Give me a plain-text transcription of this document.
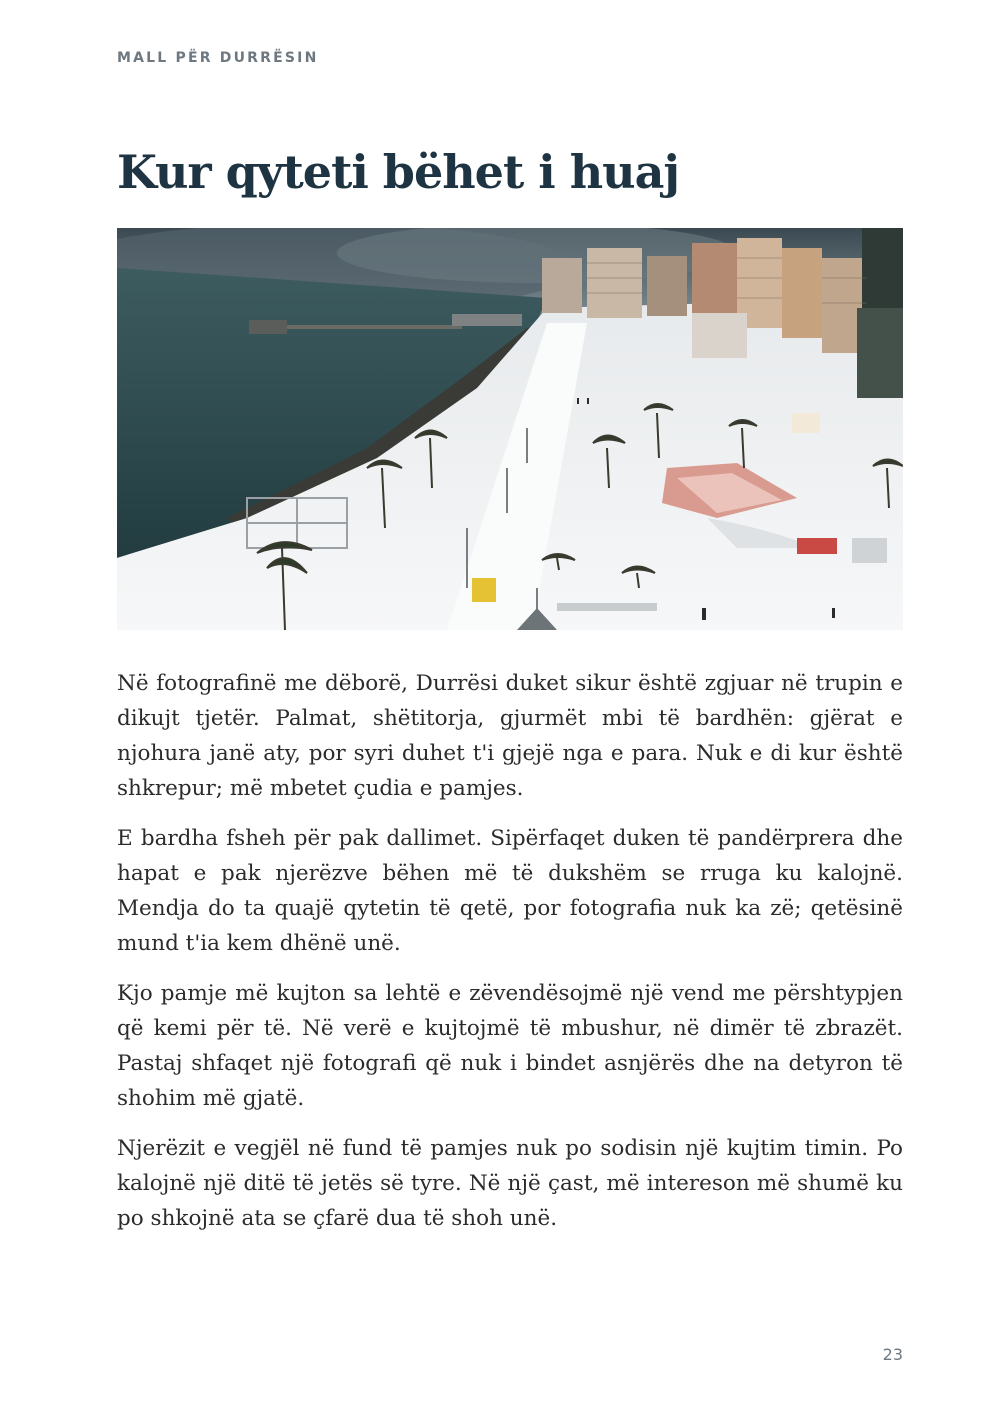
MALL PËR DURRËSIN
Kur qyteti bëhet i huaj

Në fotografinë me dëborë, Durrësi duket sikur është zgjuar në trupin e dikujt tjetër. Palmat, shëtitorja, gjurmët mbi të bardhën: gjërat e njohura janë aty, por syri duhet t'i gjejë nga e para. Nuk e di kur është shkrepur; më mbetet çudia e pamjes.

E bardha fsheh për pak dallimet. Sipërfaqet duken të pandërprera dhe hapat e pak njerëzve bëhen më të dukshëm se rruga ku kalojnë. Mendja do ta quajë qytetin të qetë, por fotografia nuk ka zë; qetësinë mund t'ia kem dhënë unë.

Kjo pamje më kujton sa lehtë e zëvendësojmë një vend me përshtypjen që kemi për të. Në verë e kujtojmë të mbushur, në dimër të zbrazët. Pastaj shfaqet një fotografi që nuk i bindet asnjërës dhe na detyron të shohim më gjatë.

Njerëzit e vegjël në fund të pamjes nuk po sodisin një kujtim timin. Po kalojnë një ditë të jetës së tyre. Në një çast, më intereson më shumë ku po shkojnë ata se çfarë dua të shoh unë.

23
